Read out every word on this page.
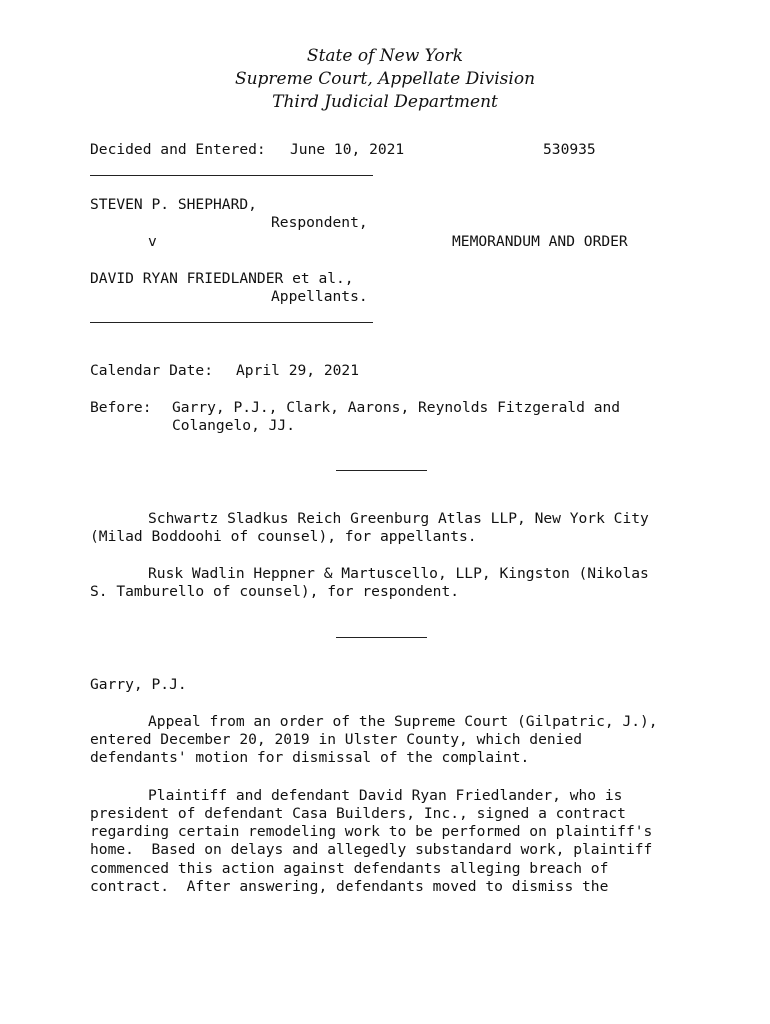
State of New York
Supreme Court, Appellate Division
Third Judicial Department
Decided and Entered: June 10, 2021	530935
STEVEN P. SHEPHARD,
Respondent,
v	MEMORANDUM AND ORDER
DAVID RYAN FRIEDLANDER et al.,
Appellants.
Calendar Date: April 29, 2021
Before: Garry, P.J., Clark, Aarons, Reynolds Fitzgerald and
Colangelo, JJ.
Schwartz Sladkus Reich Greenburg Atlas LLP, New York City
(Milad Boddoohi of counsel), for appellants.
Rusk Wadlin Heppner & Martuscello, LLP, Kingston (Nikolas
S. Tamburello of counsel), for respondent.
Garry, P.J.
Appeal from an order of the Supreme Court (Gilpatric, J.),
entered December 20, 2019 in Ulster County, which denied
defendants' motion for dismissal of the complaint.
Plaintiff and defendant David Ryan Friedlander, who is
president of defendant Casa Builders, Inc., signed a contract
regarding certain remodeling work to be performed on plaintiff's
home.  Based on delays and allegedly substandard work, plaintiff
commenced this action against defendants alleging breach of
contract.  After answering, defendants moved to dismiss the
